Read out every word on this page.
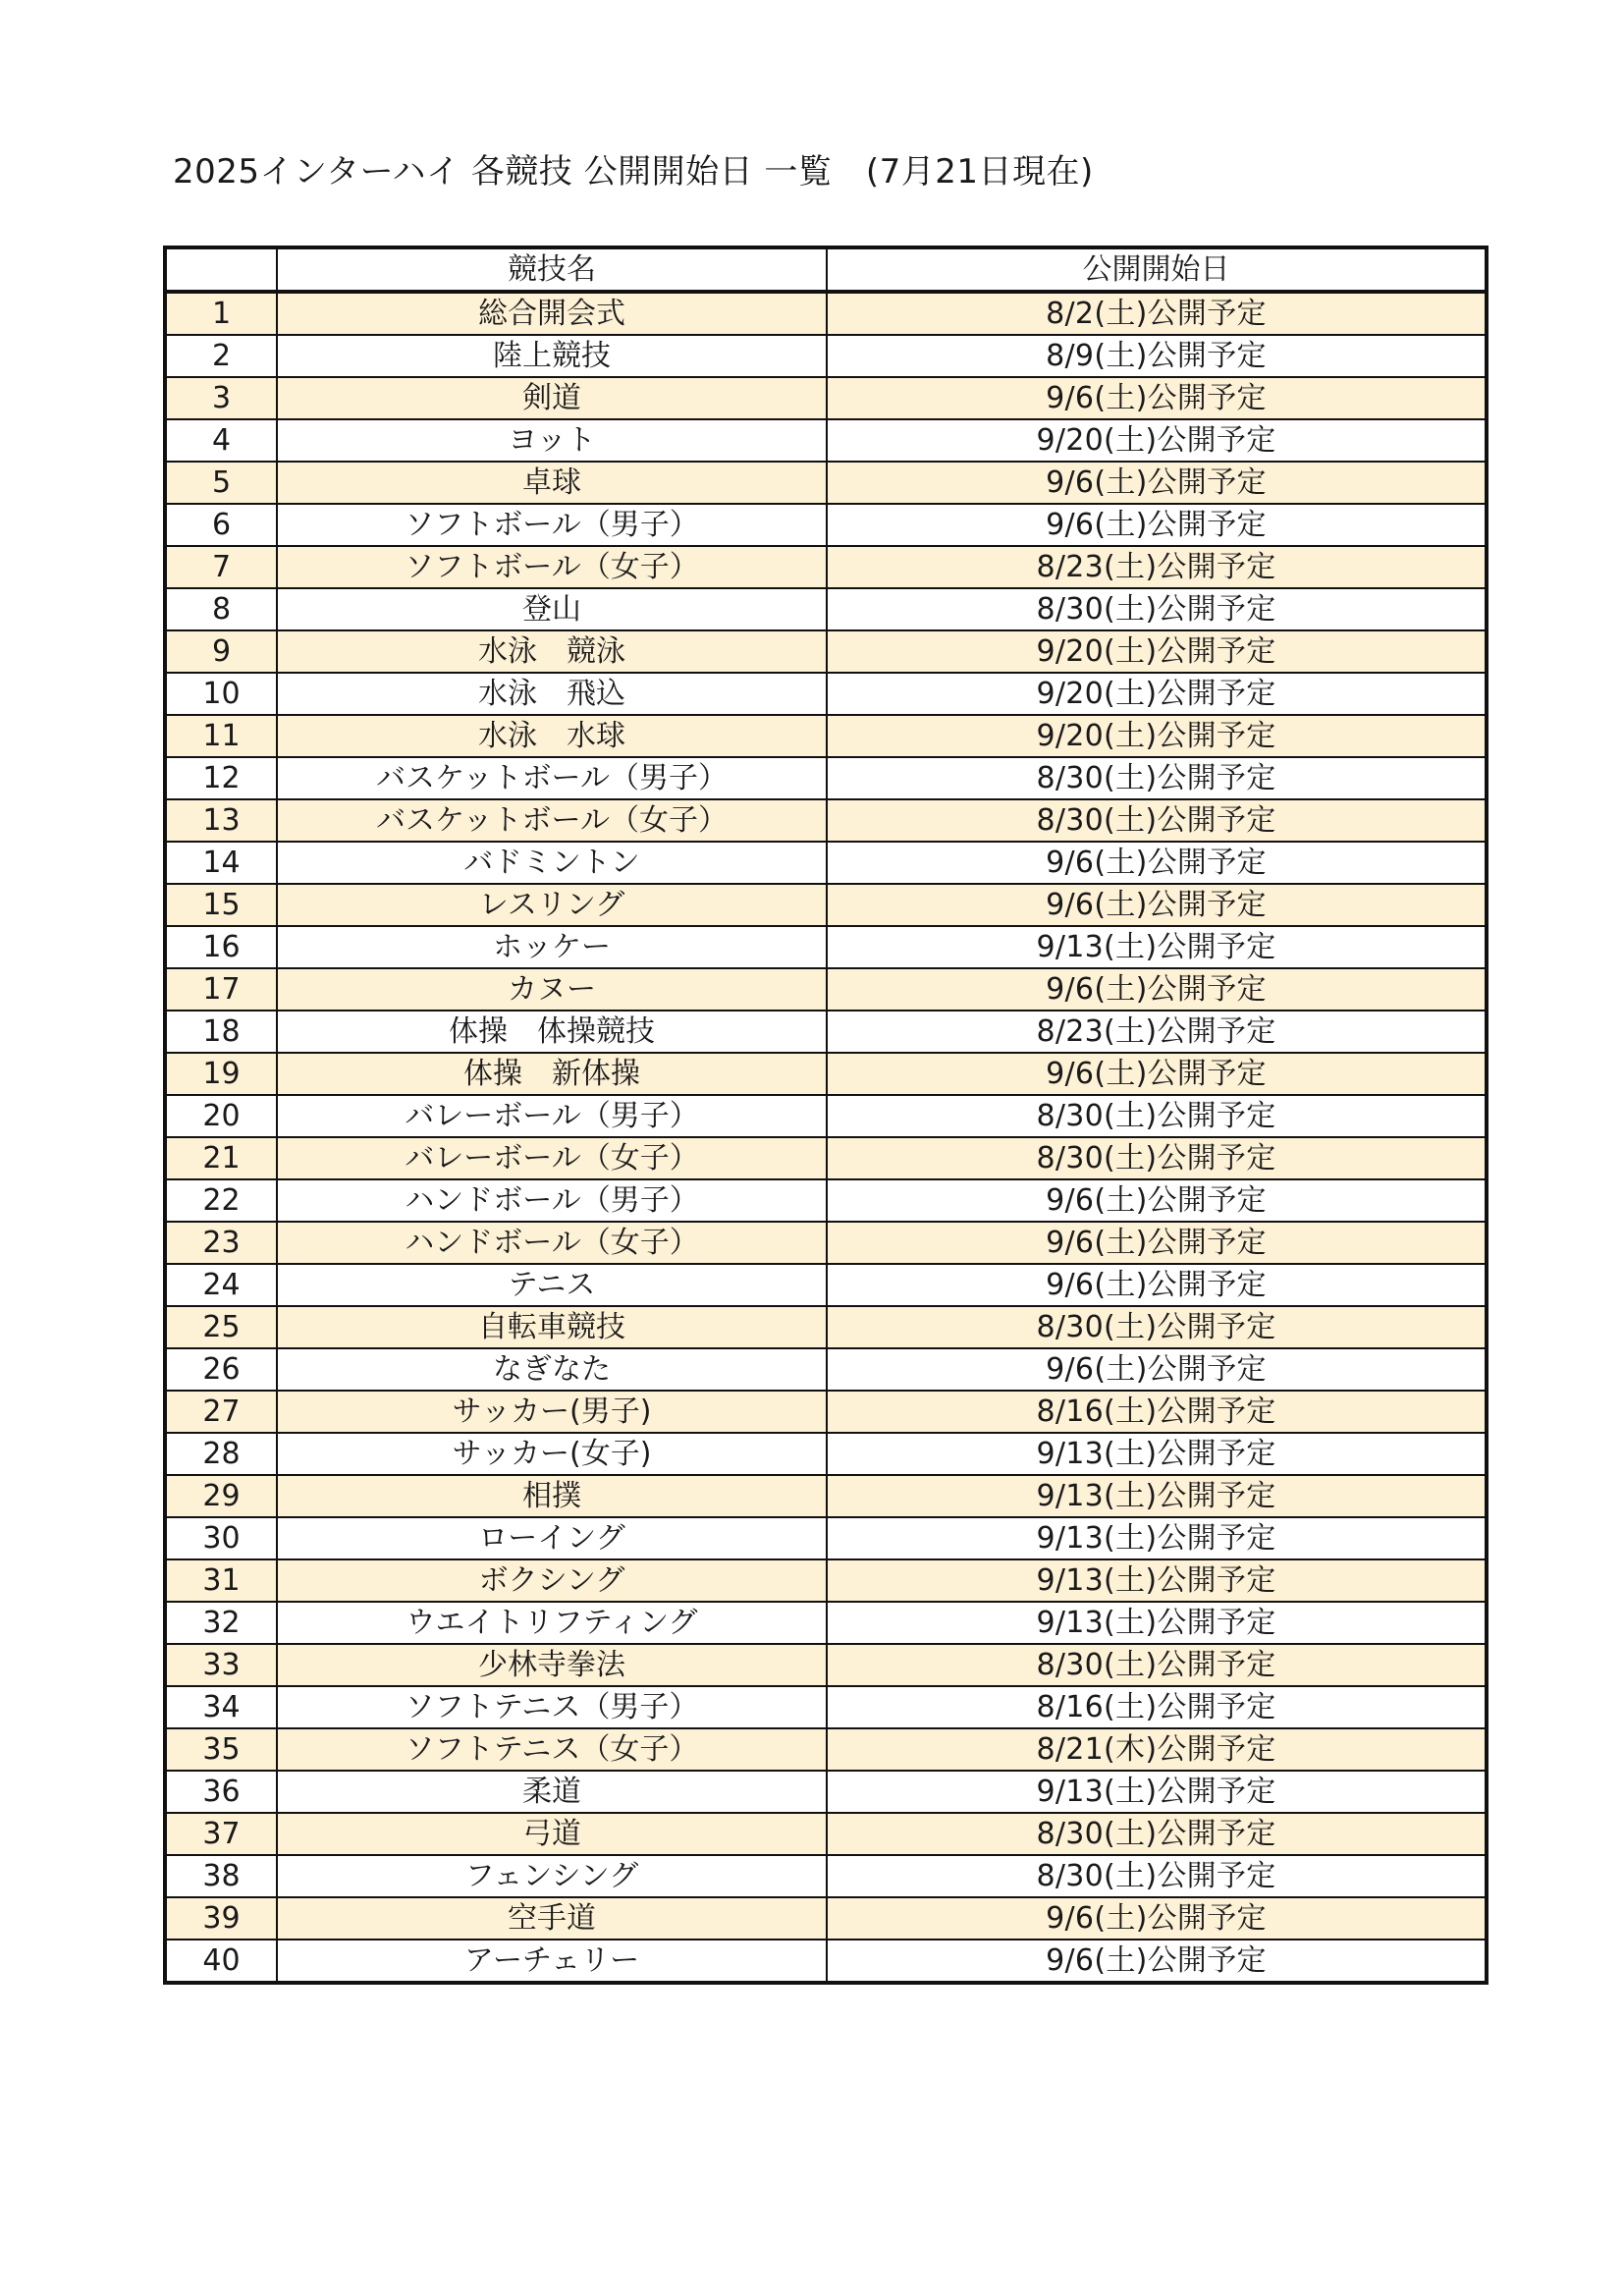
2025インターハイ 各競技 公開開始日 一覧　(7月21日現在)
	競技名	公開開始日
1	総合開会式	8/2(土)公開予定
2	陸上競技	8/9(土)公開予定
3	剣道	9/6(土)公開予定
4	ヨット	9/20(土)公開予定
5	卓球	9/6(土)公開予定
6	ソフトボール（男子）	9/6(土)公開予定
7	ソフトボール（女子）	8/23(土)公開予定
8	登山	8/30(土)公開予定
9	水泳　競泳	9/20(土)公開予定
10	水泳　飛込	9/20(土)公開予定
11	水泳　水球	9/20(土)公開予定
12	バスケットボール（男子）	8/30(土)公開予定
13	バスケットボール（女子）	8/30(土)公開予定
14	バドミントン	9/6(土)公開予定
15	レスリング	9/6(土)公開予定
16	ホッケー	9/13(土)公開予定
17	カヌー	9/6(土)公開予定
18	体操　体操競技	8/23(土)公開予定
19	体操　新体操	9/6(土)公開予定
20	バレーボール（男子）	8/30(土)公開予定
21	バレーボール（女子）	8/30(土)公開予定
22	ハンドボール（男子）	9/6(土)公開予定
23	ハンドボール（女子）	9/6(土)公開予定
24	テニス	9/6(土)公開予定
25	自転車競技	8/30(土)公開予定
26	なぎなた	9/6(土)公開予定
27	サッカー(男子)	8/16(土)公開予定
28	サッカー(女子)	9/13(土)公開予定
29	相撲	9/13(土)公開予定
30	ローイング	9/13(土)公開予定
31	ボクシング	9/13(土)公開予定
32	ウエイトリフティング	9/13(土)公開予定
33	少林寺拳法	8/30(土)公開予定
34	ソフトテニス（男子）	8/16(土)公開予定
35	ソフトテニス（女子）	8/21(木)公開予定
36	柔道	9/13(土)公開予定
37	弓道	8/30(土)公開予定
38	フェンシング	8/30(土)公開予定
39	空手道	9/6(土)公開予定
40	アーチェリー	9/6(土)公開予定
